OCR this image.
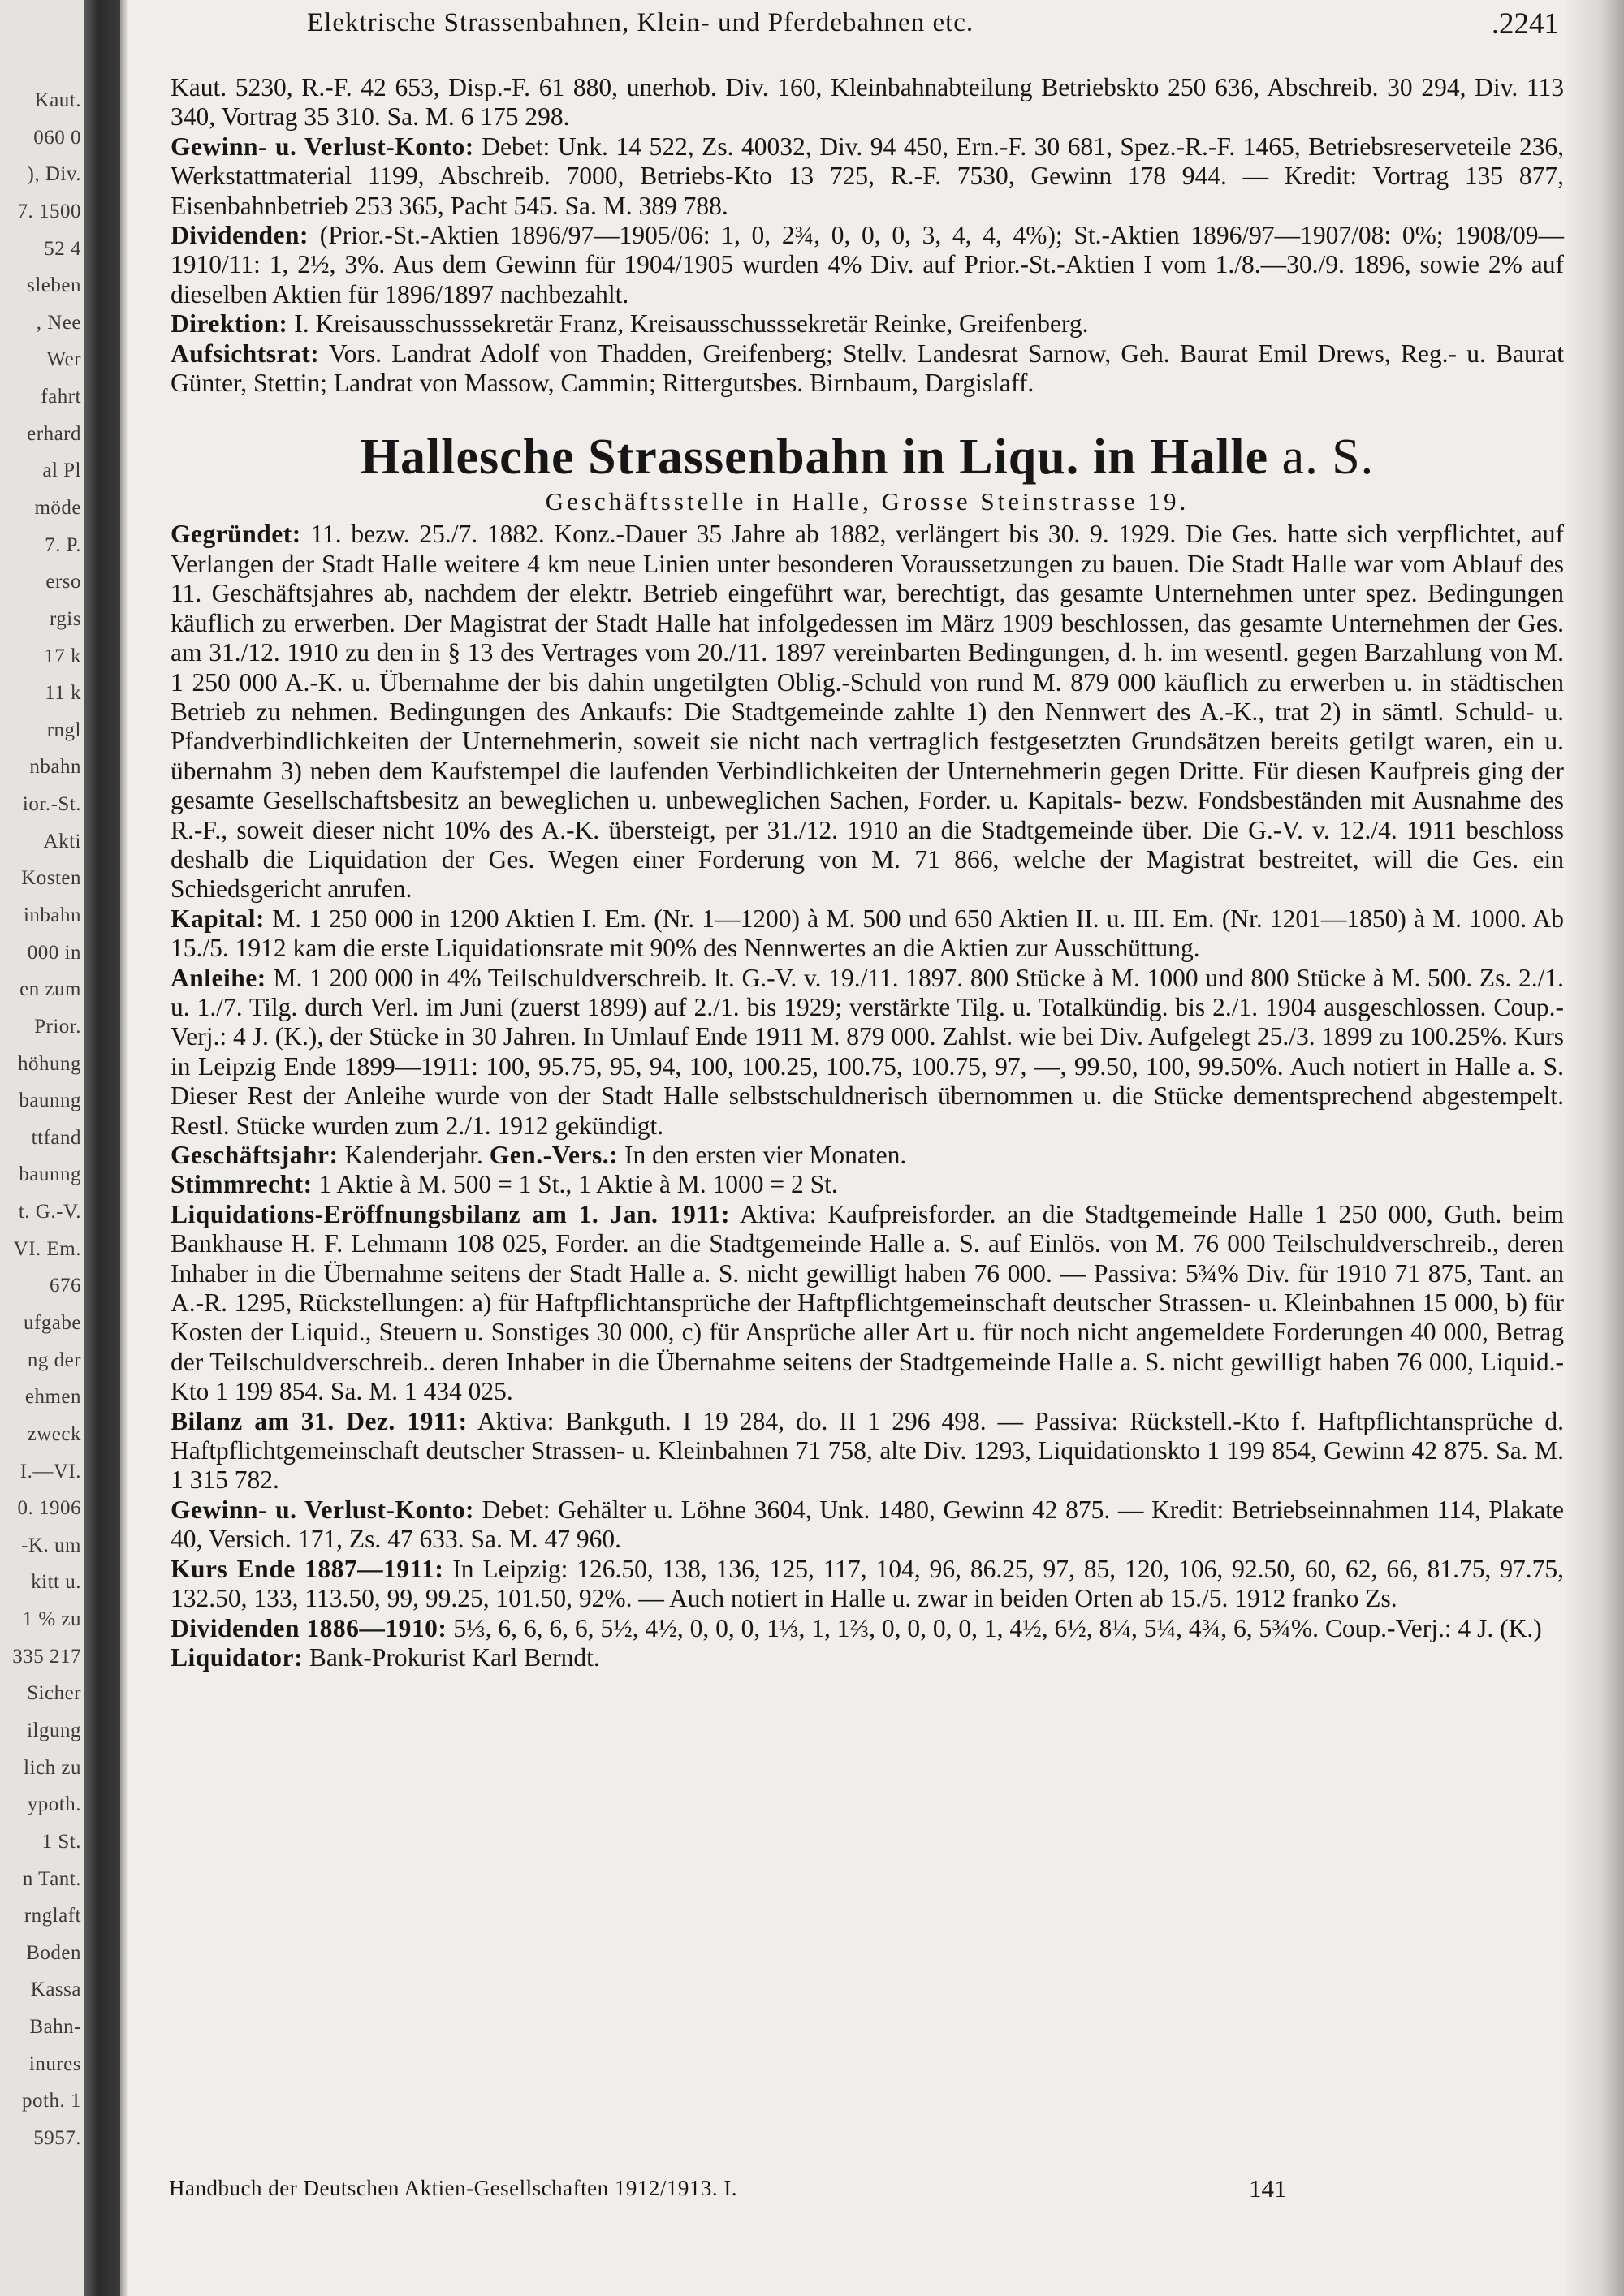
Kaut.
060 0
), Div.
7. 1500
52 4
sleben
, Nee
Wer
fahrt
erhard
al Pl
möde
7. P.
erso
rgis
17 k
11 k
rngl
nbahn
ior.-St.
Akti
Kosten
inbahn
000 in
en zum
Prior.
höhung
baunng
ttfand
baunng
t. G.-V.
VI. Em.
676
ufgabe
ng der
ehmen
zweck
I.—VI.
0. 1906
-K. um
kitt u.
1 % zu
335 217
Sicher
ilgung
lich zu
ypoth.
1 St.
n Tant.
rnglaft
Boden
Kassa
Bahn-
inures
poth. 1
5957.
Elektrische Strassenbahnen, Klein- und Pferdebahnen etc.	.2241

Kaut. 5230, R.-F. 42 653, Disp.-F. 61 880, unerhob. Div. 160, Kleinbahnabteilung Betriebskto 250 636, Abschreib. 30 294, Div. 113 340, Vortrag 35 310. Sa. M. 6 175 298.

Gewinn- u. Verlust-Konto: Debet: Unk. 14 522, Zs. 40032, Div. 94 450, Ern.-F. 30 681, Spez.-R.-F. 1465, Betriebsreserveteile 236, Werkstattmaterial 1199, Abschreib. 7000, Betriebs-Kto 13 725, R.-F. 7530, Gewinn 178 944. — Kredit: Vortrag 135 877, Eisenbahnbetrieb 253 365, Pacht 545. Sa. M. 389 788.

Dividenden: (Prior.-St.-Aktien 1896/97—1905/06: 1, 0, 2¾, 0, 0, 0, 3, 4, 4, 4%); St.-Aktien 1896/97—1907/08: 0%; 1908/09—1910/11: 1, 2½, 3%. Aus dem Gewinn für 1904/1905 wurden 4% Div. auf Prior.-St.-Aktien I vom 1./8.—30./9. 1896, sowie 2% auf dieselben Aktien für 1896/1897 nachbezahlt.

Direktion: I. Kreisausschusssekretär Franz, Kreisausschusssekretär Reinke, Greifenberg.

Aufsichtsrat: Vors. Landrat Adolf von Thadden, Greifenberg; Stellv. Landesrat Sarnow, Geh. Baurat Emil Drews, Reg.- u. Baurat Günter, Stettin; Landrat von Massow, Cammin; Rittergutsbes. Birnbaum, Dargislaff.

Hallesche Strassenbahn in Liqu. in Halle a. S.

Geschäftsstelle in Halle, Grosse Steinstrasse 19.

Gegründet: 11. bezw. 25./7. 1882. Konz.-Dauer 35 Jahre ab 1882, verlängert bis 30. 9. 1929. Die Ges. hatte sich verpflichtet, auf Verlangen der Stadt Halle weitere 4 km neue Linien unter besonderen Voraussetzungen zu bauen. Die Stadt Halle war vom Ablauf des 11. Geschäftsjahres ab, nachdem der elektr. Betrieb eingeführt war, berechtigt, das gesamte Unternehmen unter spez. Bedingungen käuflich zu erwerben. Der Magistrat der Stadt Halle hat infolgedessen im März 1909 beschlossen, das gesamte Unternehmen der Ges. am 31./12. 1910 zu den in § 13 des Vertrages vom 20./11. 1897 vereinbarten Bedingungen, d. h. im wesentl. gegen Barzahlung von M. 1 250 000 A.-K. u. Übernahme der bis dahin ungetilgten Oblig.-Schuld von rund M. 879 000 käuflich zu erwerben u. in städtischen Betrieb zu nehmen. Bedingungen des Ankaufs: Die Stadtgemeinde zahlte 1) den Nennwert des A.-K., trat 2) in sämtl. Schuld- u. Pfandverbindlichkeiten der Unternehmerin, soweit sie nicht nach vertraglich festgesetzten Grundsätzen bereits getilgt waren, ein u. übernahm 3) neben dem Kaufstempel die laufenden Verbindlichkeiten der Unternehmerin gegen Dritte. Für diesen Kaufpreis ging der gesamte Gesellschaftsbesitz an beweglichen u. unbeweglichen Sachen, Forder. u. Kapitals- bezw. Fondsbeständen mit Ausnahme des R.-F., soweit dieser nicht 10% des A.-K. übersteigt, per 31./12. 1910 an die Stadtgemeinde über. Die G.-V. v. 12./4. 1911 beschloss deshalb die Liquidation der Ges. Wegen einer Forderung von M. 71 866, welche der Magistrat bestreitet, will die Ges. ein Schiedsgericht anrufen.

Kapital: M. 1 250 000 in 1200 Aktien I. Em. (Nr. 1—1200) à M. 500 und 650 Aktien II. u. III. Em. (Nr. 1201—1850) à M. 1000. Ab 15./5. 1912 kam die erste Liquidationsrate mit 90% des Nennwertes an die Aktien zur Ausschüttung.

Anleihe: M. 1 200 000 in 4% Teilschuldverschreib. lt. G.-V. v. 19./11. 1897. 800 Stücke à M. 1000 und 800 Stücke à M. 500. Zs. 2./1. u. 1./7. Tilg. durch Verl. im Juni (zuerst 1899) auf 2./1. bis 1929; verstärkte Tilg. u. Totalkündig. bis 2./1. 1904 ausgeschlossen. Coup.-Verj.: 4 J. (K.), der Stücke in 30 Jahren. In Umlauf Ende 1911 M. 879 000. Zahlst. wie bei Div. Aufgelegt 25./3. 1899 zu 100.25%. Kurs in Leipzig Ende 1899—1911: 100, 95.75, 95, 94, 100, 100.25, 100.75, 100.75, 97, —, 99.50, 100, 99.50%. Auch notiert in Halle a. S. Dieser Rest der Anleihe wurde von der Stadt Halle selbstschuldnerisch übernommen u. die Stücke dementsprechend abgestempelt. Restl. Stücke wurden zum 2./1. 1912 gekündigt.

Geschäftsjahr: Kalenderjahr. Gen.-Vers.: In den ersten vier Monaten.

Stimmrecht: 1 Aktie à M. 500 = 1 St., 1 Aktie à M. 1000 = 2 St.

Liquidations-Eröffnungsbilanz am 1. Jan. 1911: Aktiva: Kaufpreisforder. an die Stadtgemeinde Halle 1 250 000, Guth. beim Bankhause H. F. Lehmann 108 025, Forder. an die Stadtgemeinde Halle a. S. auf Einlös. von M. 76 000 Teilschuldverschreib., deren Inhaber in die Übernahme seitens der Stadt Halle a. S. nicht gewilligt haben 76 000. — Passiva: 5¾% Div. für 1910 71 875, Tant. an A.-R. 1295, Rückstellungen: a) für Haftpflichtansprüche der Haftpflichtgemeinschaft deutscher Strassen- u. Kleinbahnen 15 000, b) für Kosten der Liquid., Steuern u. Sonstiges 30 000, c) für Ansprüche aller Art u. für noch nicht angemeldete Forderungen 40 000, Betrag der Teilschuldverschreib.. deren Inhaber in die Übernahme seitens der Stadtgemeinde Halle a. S. nicht gewilligt haben 76 000, Liquid.-Kto 1 199 854. Sa. M. 1 434 025.

Bilanz am 31. Dez. 1911: Aktiva: Bankguth. I 19 284, do. II 1 296 498. — Passiva: Rückstell.-Kto f. Haftpflichtansprüche d. Haftpflichtgemeinschaft deutscher Strassen- u. Kleinbahnen 71 758, alte Div. 1293, Liquidationskto 1 199 854, Gewinn 42 875. Sa. M. 1 315 782.

Gewinn- u. Verlust-Konto: Debet: Gehälter u. Löhne 3604, Unk. 1480, Gewinn 42 875. — Kredit: Betriebseinnahmen 114, Plakate 40, Versich. 171, Zs. 47 633. Sa. M. 47 960.

Kurs Ende 1887—1911: In Leipzig: 126.50, 138, 136, 125, 117, 104, 96, 86.25, 97, 85, 120, 106, 92.50, 60, 62, 66, 81.75, 97.75, 132.50, 133, 113.50, 99, 99.25, 101.50, 92%. — Auch notiert in Halle u. zwar in beiden Orten ab 15./5. 1912 franko Zs.

Dividenden 1886—1910: 5⅓, 6, 6, 6, 6, 5½, 4½, 0, 0, 0, 1⅓, 1, 1⅔, 0, 0, 0, 0, 1, 4½, 6½, 8¼, 5¼, 4¾, 6, 5¾%. Coup.-Verj.: 4 J. (K.)

Liquidator: Bank-Prokurist Karl Berndt.

Handbuch der Deutschen Aktien-Gesellschaften 1912/1913. I.	141
